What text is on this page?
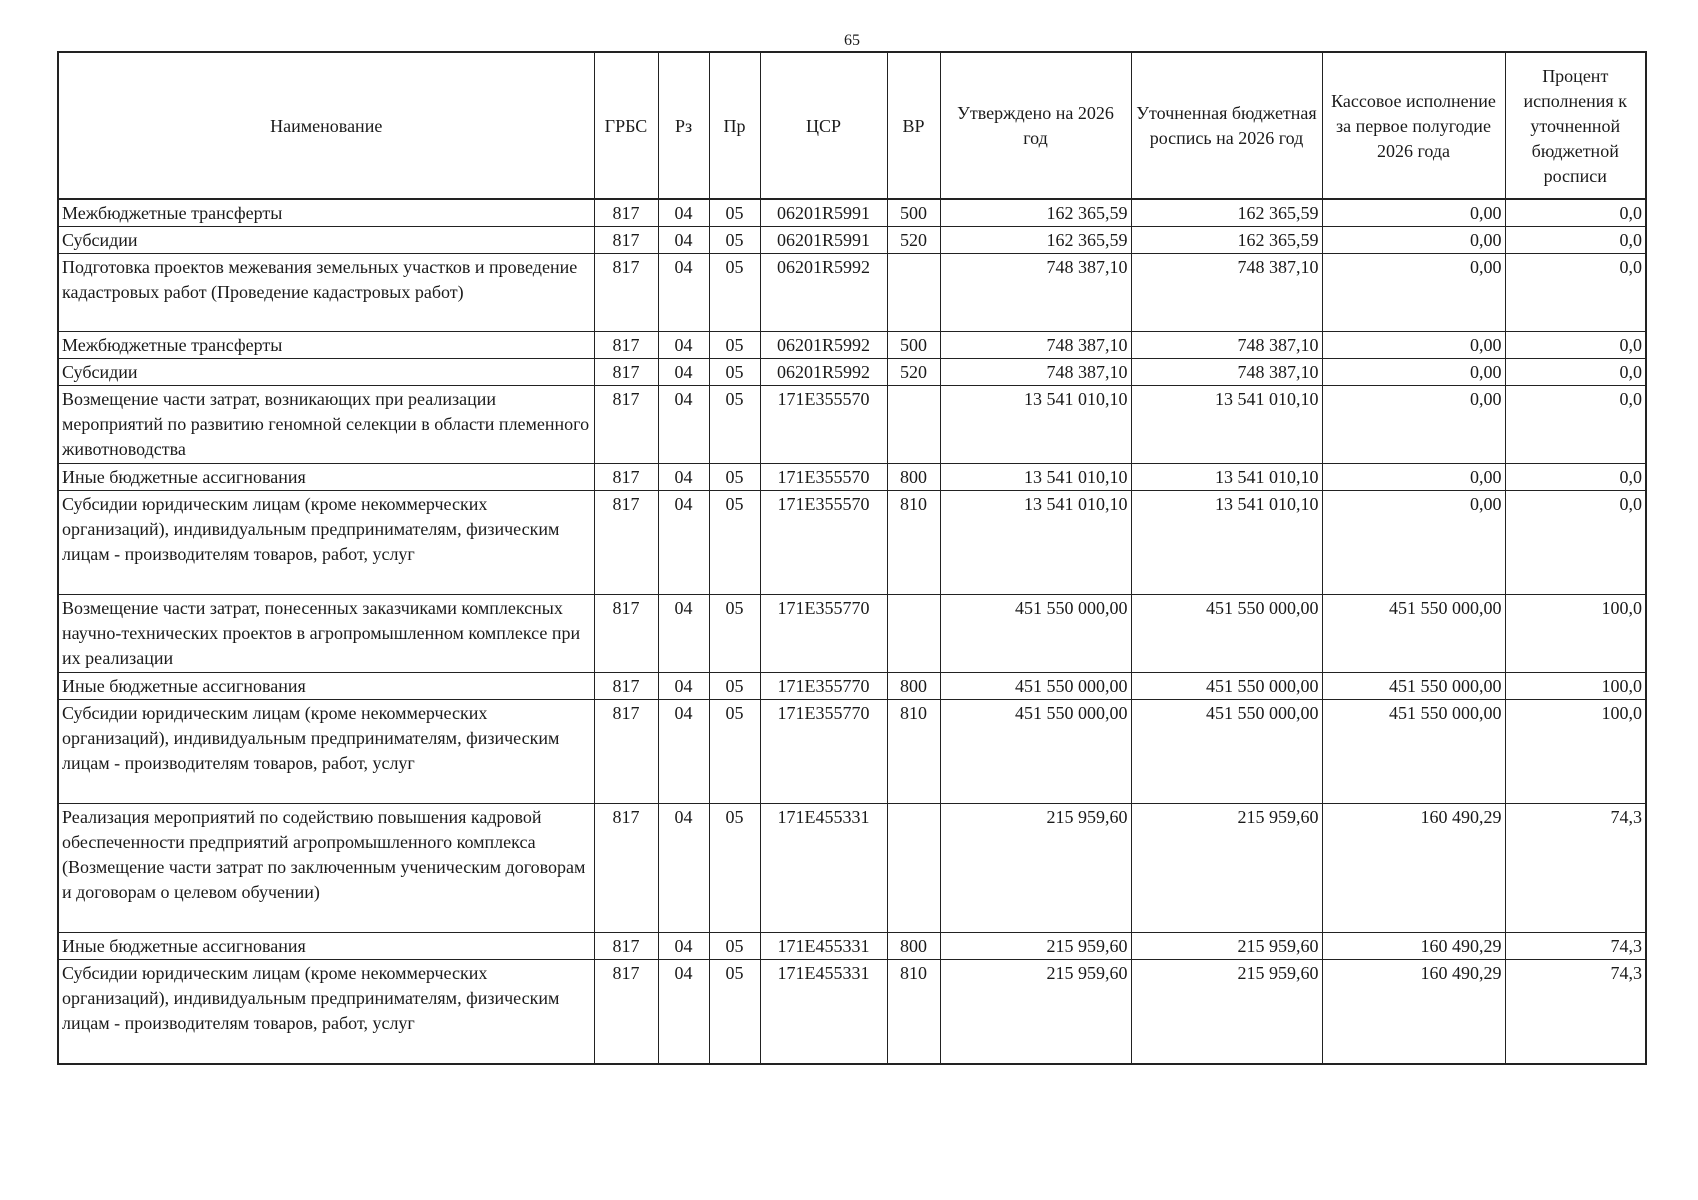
65
Наименование	ГРБС	Рз	Пр	ЦСР	ВР	Утверждено на 2026 год	Уточненная бюджетная роспись на 2026 год	Кассовое исполнение за первое полугодие 2026 года	Процент исполнения к уточненной бюджетной росписи
Межбюджетные трансферты	817	04	05	06201R5991	500	162 365,59	162 365,59	0,00	0,0
Субсидии	817	04	05	06201R5991	520	162 365,59	162 365,59	0,00	0,0
Подготовка проектов межевания земельных участков и проведение кадастровых работ (Проведение кадастровых работ)	817	04	05	06201R5992		748 387,10	748 387,10	0,00	0,0
Межбюджетные трансферты	817	04	05	06201R5992	500	748 387,10	748 387,10	0,00	0,0
Субсидии	817	04	05	06201R5992	520	748 387,10	748 387,10	0,00	0,0
Возмещение части затрат, возникающих при реализации мероприятий по развитию геномной селекции в области племенного животноводства	817	04	05	171E355570		13 541 010,10	13 541 010,10	0,00	0,0
Иные бюджетные ассигнования	817	04	05	171E355570	800	13 541 010,10	13 541 010,10	0,00	0,0
Субсидии юридическим лицам (кроме некоммерческих организаций), индивидуальным предпринимателям, физическим лицам - производителям товаров, работ, услуг	817	04	05	171E355570	810	13 541 010,10	13 541 010,10	0,00	0,0
Возмещение части затрат, понесенных заказчиками комплексных научно-технических проектов в агропромышленном комплексе при их реализации	817	04	05	171E355770		451 550 000,00	451 550 000,00	451 550 000,00	100,0
Иные бюджетные ассигнования	817	04	05	171E355770	800	451 550 000,00	451 550 000,00	451 550 000,00	100,0
Субсидии юридическим лицам (кроме некоммерческих организаций), индивидуальным предпринимателям, физическим лицам - производителям товаров, работ, услуг	817	04	05	171E355770	810	451 550 000,00	451 550 000,00	451 550 000,00	100,0
Реализация мероприятий по содействию повышения кадровой обеспеченности предприятий агропромышленного комплекса (Возмещение части затрат по заключенным ученическим договорам и договорам о целевом обучении)	817	04	05	171E455331		215 959,60	215 959,60	160 490,29	74,3
Иные бюджетные ассигнования	817	04	05	171E455331	800	215 959,60	215 959,60	160 490,29	74,3
Субсидии юридическим лицам (кроме некоммерческих организаций), индивидуальным предпринимателям, физическим лицам - производителям товаров, работ, услуг	817	04	05	171E455331	810	215 959,60	215 959,60	160 490,29	74,3
